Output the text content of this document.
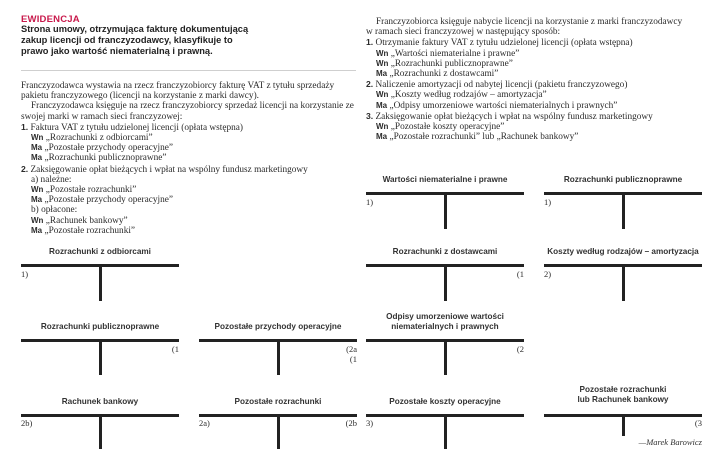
EWIDENCJA
Strona umowy, otrzymująca fakturę dokumentującą zakup licencji od franczyzodawcy, klasyfikuje to prawo jako wartość niematerialną i prawną.

Franczyzodawca wystawia na rzecz franczyzobiorcy fakturę VAT z tytułu sprzedaży pakietu franczyzowego (licencji na korzystanie z marki dawcy).

Franczyzodawca księguje na rzecz franczyzobiorcy sprzedaż licencji na korzystanie ze swojej marki w ramach sieci franczyzowej:

1. Faktura VAT z tytułu udzielonej licencji (opłata wstępna)

Wn „Rozrachunki z odbiorcami”

Ma „Pozostałe przychody operacyjne”

Ma „Rozrachunki publicznoprawne”

2. Zaksięgowanie opłat bieżących i wpłat na wspólny fundusz marketingowy

a) należne:

Wn „Pozostałe rozrachunki”

Ma „Pozostałe przychody operacyjne”

b) opłacone:

Wn „Rachunek bankowy”

Ma „Pozostałe rozrachunki”

Franczyzobiorca księguje nabycie licencji na korzystanie z marki franczyzodawcy w ramach sieci franczyzowej w następujący sposób:

1. Otrzymanie faktury VAT z tytułu udzielonej licencji (opłata wstępna)

Wn „Wartości niematerialne i prawne”

Wn „Rozrachunki publicznoprawne”

Ma „Rozrachunki z dostawcami”

2. Naliczenie amortyzacji od nabytej licencji (pakietu franczyzowego)

Wn „Koszty według rodzajów – amortyzacja”

Ma „Odpisy umorzeniowe wartości niematerialnych i prawnych”

3. Zaksięgowanie opłat bieżących i wpłat na wspólny fundusz marketingowy

Wn „Pozostałe koszty operacyjne”

Ma „Pozostałe rozrachunki” lub „Rachunek bankowy”

Wartości niematerialne i prawne
1)
Rozrachunki publicznoprawne
1)
Rozrachunki z odbiorcami
1)
Rozrachunki z dostawcami
(1
Koszty według rodzajów – amortyzacja
2)
Rozrachunki publicznoprawne
(1
Pozostałe przychody operacyjne
(2a
(1
Odpisy umorzeniowe wartości
niematerialnych i prawnych
(2
Rachunek bankowy
2b)
Pozostałe rozrachunki
2a)	(2b
Pozostałe koszty operacyjne
3)
Pozostałe rozrachunki
lub Rachunek bankowy
(3
—Marek Barowicz
